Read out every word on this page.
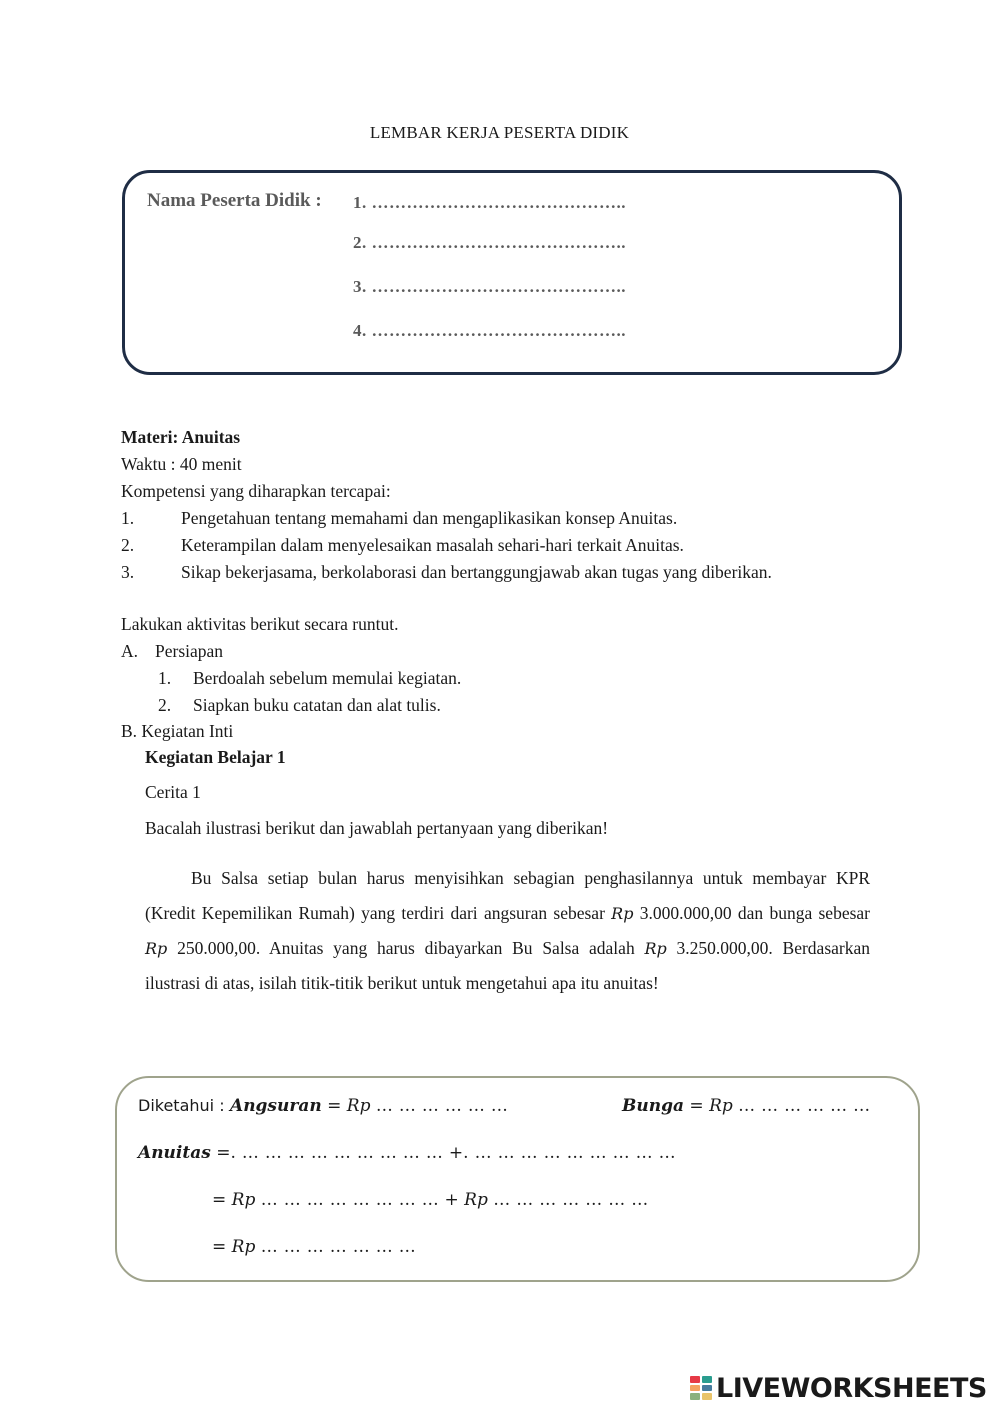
LEMBAR KERJA PESERTA DIDIK
Nama Peserta Didik : 1. ……………………………………..
2. ……………………………………..
3. ……………………………………..
4. ……………………………………..
Materi: Anuitas
Waktu : 40 menit
Kompetensi yang diharapkan tercapai:
1.	Pengetahuan tentang memahami dan mengaplikasikan konsep Anuitas.
2.	Keterampilan dalam menyelesaikan masalah sehari-hari terkait Anuitas.
3.	Sikap bekerjasama, berkolaborasi dan bertanggungjawab akan tugas yang diberikan.
Lakukan aktivitas berikut secara runtut.
A. Persiapan
1. Berdoalah sebelum memulai kegiatan.
2. Siapkan buku catatan dan alat tulis.
B. Kegiatan Inti
Kegiatan Belajar 1
Cerita 1
Bacalah ilustrasi berikut dan jawablah pertanyaan yang diberikan!
Bu Salsa setiap bulan harus menyisihkan sebagian penghasilannya untuk membayar KPR (Kredit Kepemilikan Rumah) yang terdiri dari angsuran sebesar Rp 3.000.000,00 dan bunga sebesar Rp 250.000,00. Anuitas yang harus dibayarkan Bu Salsa adalah Rp 3.250.000,00. Berdasarkan ilustrasi di atas, isilah titik-titik berikut untuk mengetahui apa itu anuitas!
Diketahui : Angsuran = Rp … … … … … …	Bunga = Rp … … … … … …
Anuitas =. … … … … … … … … … +. … … … … … … … … …
= Rp … … … … … … … … + Rp … … … … … … …
= Rp … … … … … … …
LIVEWORKSHEETS
